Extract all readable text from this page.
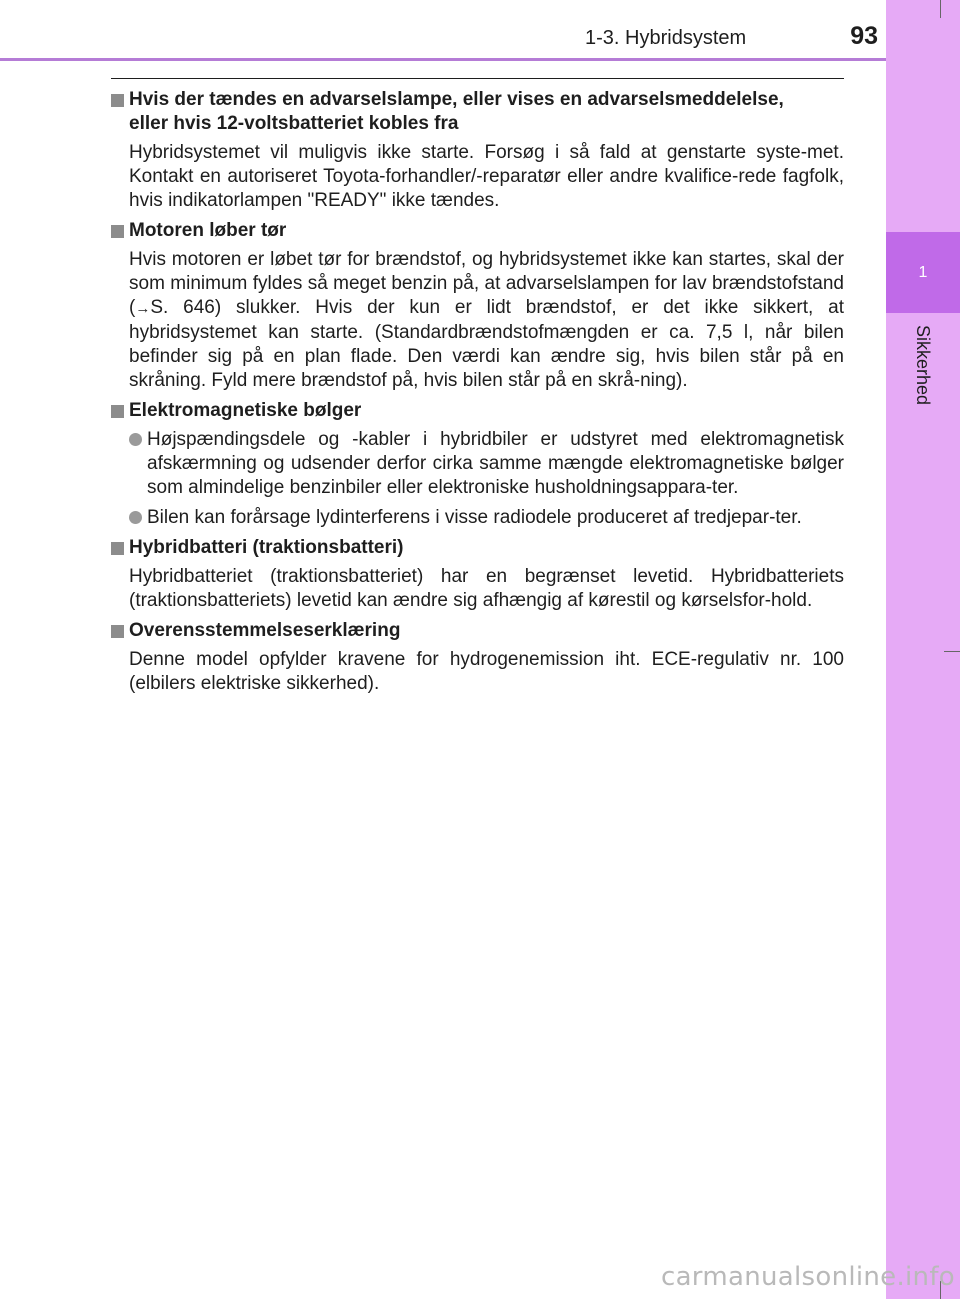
1
Sikkerhed
1-3. Hybridsystem	93
Hvis der tændes en advarselslampe, eller vises en advarselsmeddelelse,
eller hvis 12-voltsbatteriet kobles fra
Hybridsystemet vil muligvis ikke starte. Forsøg i så fald at genstarte syste-met. Kontakt en autoriseret Toyota-forhandler/-reparatør eller andre kvalifice-rede fagfolk, hvis indikatorlampen "READY" ikke tændes.
Motoren løber tør
Hvis motoren er løbet tør for brændstof, og hybridsystemet ikke kan startes, skal der som minimum fyldes så meget benzin på, at advarselslampen for lav brændstofstand (→S. 646) slukker. Hvis der kun er lidt brændstof, er det ikke sikkert, at hybridsystemet kan starte. (Standardbrændstofmængden er ca. 7,5 l, når bilen befinder sig på en plan flade. Den værdi kan ændre sig, hvis bilen står på en skråning. Fyld mere brændstof på, hvis bilen står på en skrå-ning).
Elektromagnetiske bølger
Højspændingsdele og -kabler i hybridbiler er udstyret med elektromagnetisk afskærmning og udsender derfor cirka samme mængde elektromagnetiske bølger som almindelige benzinbiler eller elektroniske husholdningsappara-ter.
Bilen kan forårsage lydinterferens i visse radiodele produceret af tredjepar-ter.
Hybridbatteri (traktionsbatteri)
Hybridbatteriet (traktionsbatteriet) har en begrænset levetid. Hybridbatteriets (traktionsbatteriets) levetid kan ændre sig afhængig af kørestil og kørselsfor-hold.
Overensstemmelseserklæring
Denne model opfylder kravene for hydrogenemission iht. ECE-regulativ nr. 100 (elbilers elektriske sikkerhed).
carmanualsonline.info
